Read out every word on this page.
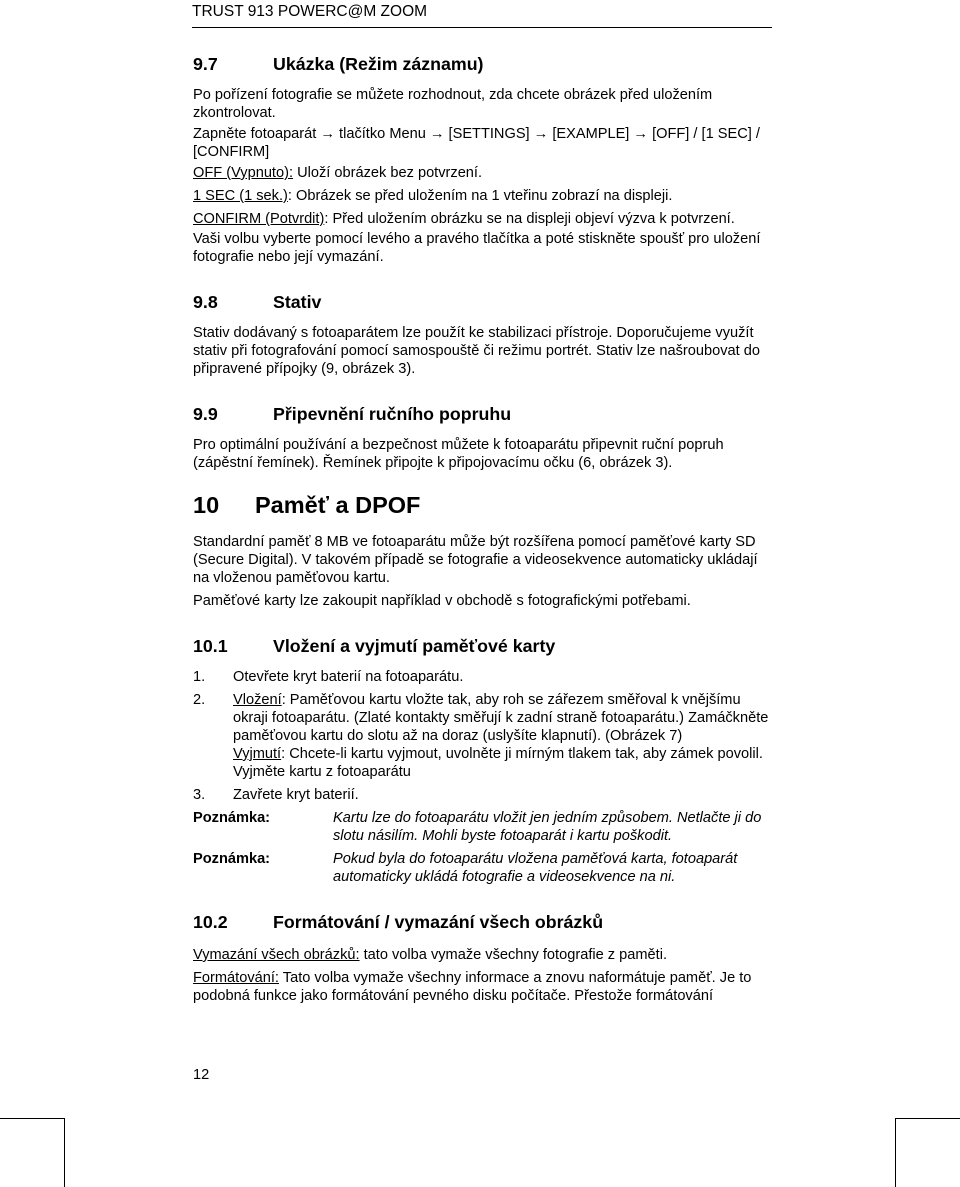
TRUST 913 POWERC@M ZOOM
9.7	Ukázka (Režim záznamu)

Po pořízení fotografie se můžete rozhodnout, zda chcete obrázek před uložením zkontrolovat.

Zapněte fotoaparát → tlačítko Menu → [SETTINGS] → [EXAMPLE] → [OFF] / [1 SEC] / [CONFIRM]

OFF (Vypnuto): Uloží obrázek bez potvrzení.

1 SEC (1 sek.): Obrázek se před uložením na 1 vteřinu zobrazí na displeji.

CONFIRM (Potvrdit): Před uložením obrázku se na displeji objeví výzva k potvrzení.

Vaši volbu vyberte pomocí levého a pravého tlačítka a poté stiskněte spoušť pro uložení fotografie nebo její vymazání.

9.8	Stativ

Stativ dodávaný s fotoaparátem lze použít ke stabilizaci přístroje. Doporučujeme využít stativ při fotografování pomocí samospouště či režimu portrét. Stativ lze našroubovat do připravené přípojky (9, obrázek 3).

9.9	Připevnění ručního popruhu

Pro optimální používání a bezpečnost můžete k fotoaparátu připevnit ruční popruh (zápěstní řemínek). Řemínek připojte k připojovacímu očku (6, obrázek 3).

10	Paměť a DPOF

Standardní paměť 8 MB ve fotoaparátu může být rozšířena pomocí paměťové karty SD (Secure Digital). V takovém případě se fotografie a videosekvence automaticky ukládají na vloženou paměťovou kartu.

Paměťové karty lze zakoupit například v obchodě s fotografickými potřebami.

10.1	Vložení a vyjmutí paměťové karty
1.	Otevřete kryt baterií na fotoaparátu.
2.	Vložení: Paměťovou kartu vložte tak, aby roh se zářezem směřoval k vnějšímu okraji fotoaparátu. (Zlaté kontakty směřují k zadní straně fotoaparátu.) Zamáčkněte paměťovou kartu do slotu až na doraz (uslyšíte klapnutí). (Obrázek 7)

Vyjmutí: Chcete-li kartu vyjmout, uvolněte ji mírným tlakem tak, aby zámek povolil. Vyjměte kartu z fotoaparátu

3.	Zavřete kryt baterií.
Poznámka:	Kartu lze do fotoaparátu vložit jen jedním způsobem. Netlačte ji do slotu násilím. Mohli byste fotoaparát i kartu poškodit.
Poznámka:	Pokud byla do fotoaparátu vložena paměťová karta, fotoaparát automaticky ukládá fotografie a videosekvence na ni.
10.2	Formátování / vymazání všech obrázků

Vymazání všech obrázků: tato volba vymaže všechny fotografie z paměti.

Formátování: Tato volba vymaže všechny informace a znovu naformátuje paměť. Je to podobná funkce jako formátování pevného disku počítače. Přestože formátování

12
